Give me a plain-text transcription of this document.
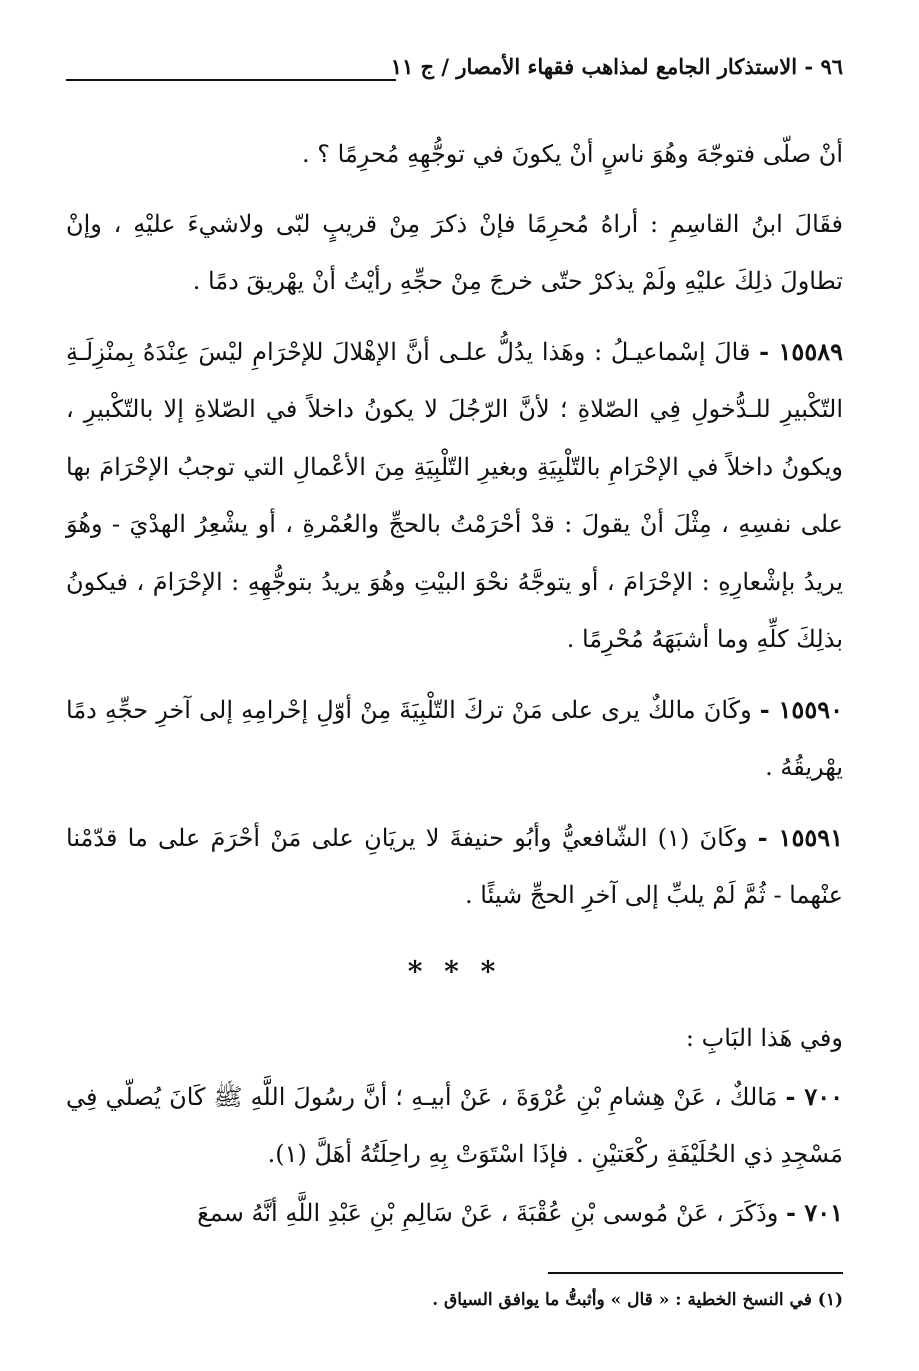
٩٦ - الاستذكار الجامع لمذاهب فقهاء الأمصار / ج ١١

أنْ صلّى فتوجّهَ وهُوَ ناسٍ أنْ يكونَ في توجُّهِهِ مُحرِمًا ؟ .

فقَالَ ابنُ القاسِمِ : أراهُ مُحرِمًا فإنْ ذكرَ مِنْ قريبٍ لبّى ولاشيءَ عليْهِ ، وإنْ تطاولَ ذلِكَ عليْهِ ولَمْ يذكرْ حتّى خرجَ مِنْ حجِّهِ رأيْتُ أنْ يهْريقَ دمًا .

١٥٥٨٩ - قالَ إسْماعيـلُ : وهَذا يدُلُّ علـى أنَّ الإهْلالَ للإحْرَامِ ليْسَ عِنْدَهُ بِمنْزِلَـةِ التّكْبيرِ للـدُّخولِ فِي الصّلاةِ ؛ لأنَّ الرّجُلَ لا يكونُ داخلاً في الصّلاةِ إلا بالتّكْبيرِ ، ويكونُ داخلاً في الإحْرَامِ بالتّلْبِيَةِ وبغيرِ التّلْبِيَةِ مِنَ الأعْمالِ التي توجبُ الإحْرَامَ بها على نفسِهِ ، مِثْلَ أنْ يقولَ : قدْ أحْرَمْتُ بالحجِّ والعُمْرةِ ، أو يشْعِرُ الهدْيَ - وهُوَ يريدُ بإشْعارِهِ : الإحْرَامَ ، أو يتوجَّهُ نحْوَ البيْتِ وهُوَ يريدُ بتوجُّهِهِ : الإحْرَامَ ، فيكونُ بذلِكَ كلِّهِ وما أشبَهَهُ مُحْرِمًا .

١٥٥٩٠ - وكَانَ مالكٌ يرى على مَنْ تركَ التّلْبِيَةَ مِنْ أوّلِ إحْرامِهِ إلى آخرِ حجِّهِ دمًا يهْريقُهُ .

١٥٥٩١ - وكَانَ (١) الشّافعيُّ وأبُو حنيفةَ لا يريَانِ على مَنْ أحْرَمَ على ما قدّمْنا عنْهما - ثُمَّ لَمْ يلبِّ إلى آخرِ الحجِّ شيئًا .

* * *

وفي هَذا البَابِ :

٧٠٠ - مَالكٌ ، عَنْ هِشامِ بْنِ عُرْوَةَ ، عَنْ أبيـهِ ؛ أنَّ رسُولَ اللَّهِ ﷺ كَانَ يُصلّي فِي مَسْجِدِ ذي الحُلَيْفَةِ ركْعَتيْنِ . فإذَا اسْتَوَتْ بِهِ راحِلَتُهُ أهَلَّ (١).

٧٠١ - وذَكَرَ ، عَنْ مُوسى بْنِ عُقْبَةَ ، عَنْ سَالِمِ بْنِ عَبْدِ اللَّهِ أنَّهُ سمعَ

(١) في النسخ الخطية : « قال » وأثبتُّ ما يوافق السياق .
